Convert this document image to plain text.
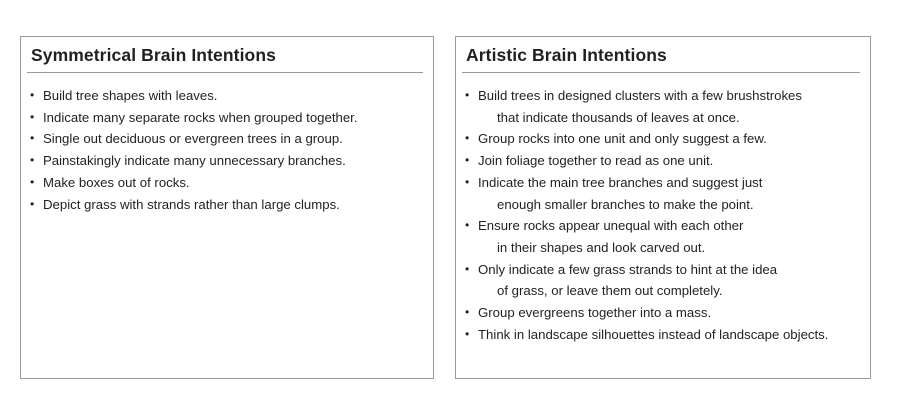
Symmetrical Brain Intentions
• Build tree shapes with leaves.
• Indicate many separate rocks when grouped together.
• Single out deciduous or evergreen trees in a group.
• Painstakingly indicate many unnecessary branches.
• Make boxes out of rocks.
• Depict grass with strands rather than large clumps.
Artistic Brain Intentions
• Build trees in designed clusters with a few brushstrokes
that indicate thousands of leaves at once.
• Group rocks into one unit and only suggest a few.
• Join foliage together to read as one unit.
• Indicate the main tree branches and suggest just
enough smaller branches to make the point.
• Ensure rocks appear unequal with each other
in their shapes and look carved out.
• Only indicate a few grass strands to hint at the idea
of grass, or leave them out completely.
• Group evergreens together into a mass.
• Think in landscape silhouettes instead of landscape objects.
